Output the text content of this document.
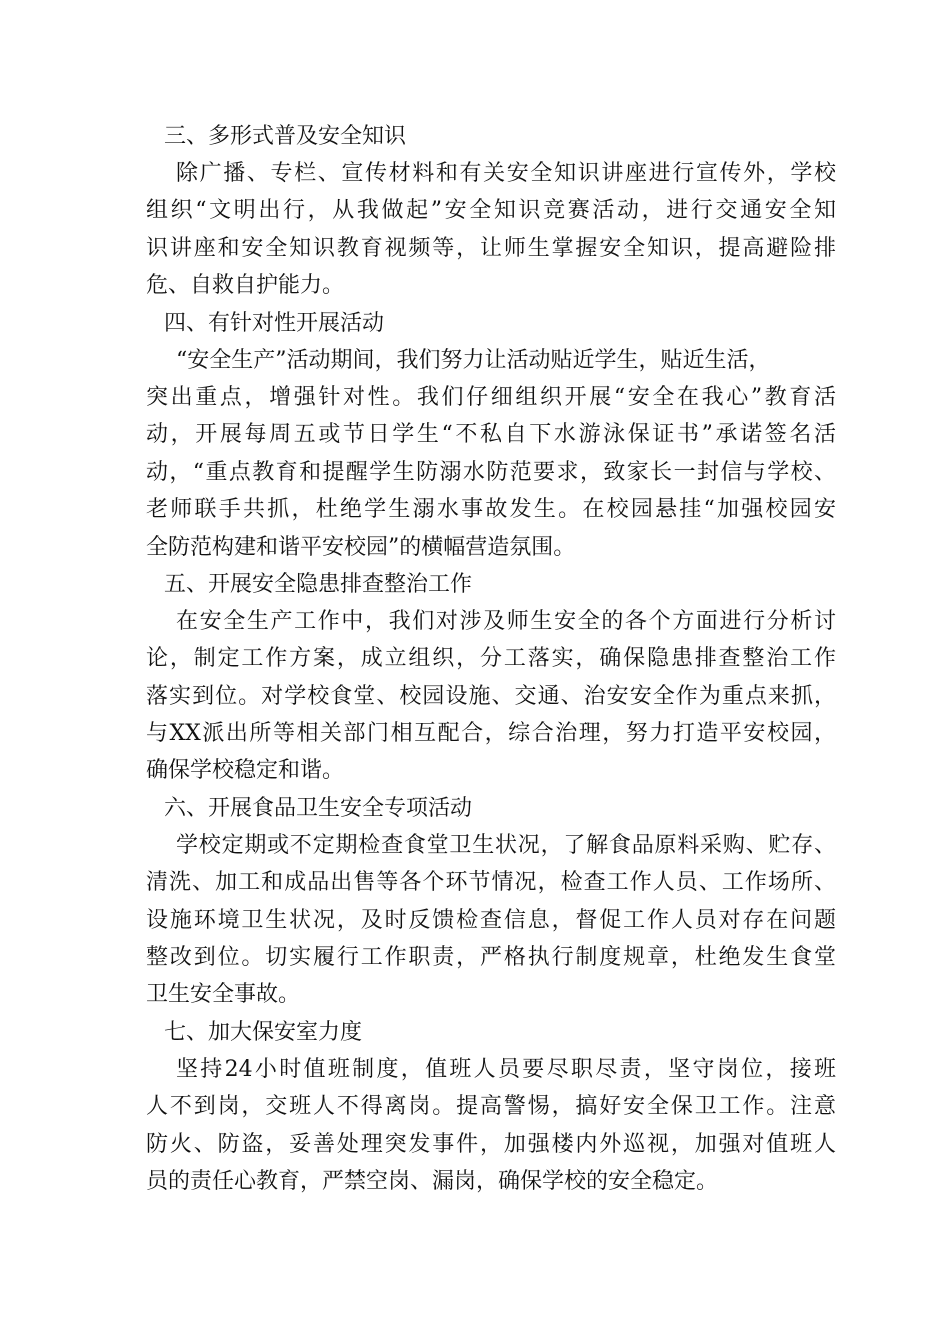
三、多形式普及安全知识
除广播、专栏、宣传材料和有关安全知识讲座进行宣传外，学校
组织“文明出行，从我做起”安全知识竞赛活动，进行交通安全知
识讲座和安全知识教育视频等，让师生掌握安全知识，提高避险排
危、自救自护能力。
四、有针对性开展活动
“安全生产”活动期间，我们努力让活动贴近学生，贴近生活，
突出重点，增强针对性。我们仔细组织开展“安全在我心”教育活
动，开展每周五或节日学生“不私自下水游泳保证书”承诺签名活
动，“重点教育和提醒学生防溺水防范要求，致家长一封信与学校、
老师联手共抓，杜绝学生溺水事故发生。在校园悬挂“加强校园安
全防范构建和谐平安校园”的横幅营造氛围。
五、开展安全隐患排查整治工作
在安全生产工作中，我们对涉及师生安全的各个方面进行分析讨
论，制定工作方案，成立组织，分工落实，确保隐患排查整治工作
落实到位。对学校食堂、校园设施、交通、治安安全作为重点来抓，
与XX派出所等相关部门相互配合，综合治理，努力打造平安校园，
确保学校稳定和谐。
六、开展食品卫生安全专项活动
学校定期或不定期检查食堂卫生状况，了解食品原料采购、贮存、
清洗、加工和成品出售等各个环节情况，检查工作人员、工作场所、
设施环境卫生状况，及时反馈检查信息，督促工作人员对存在问题
整改到位。切实履行工作职责，严格执行制度规章，杜绝发生食堂
卫生安全事故。
七、加大保安室力度
坚持24小时值班制度，值班人员要尽职尽责，坚守岗位，接班
人不到岗，交班人不得离岗。提高警惕，搞好安全保卫工作。注意
防火、防盗，妥善处理突发事件，加强楼内外巡视，加强对值班人
员的责任心教育，严禁空岗、漏岗，确保学校的安全稳定。
